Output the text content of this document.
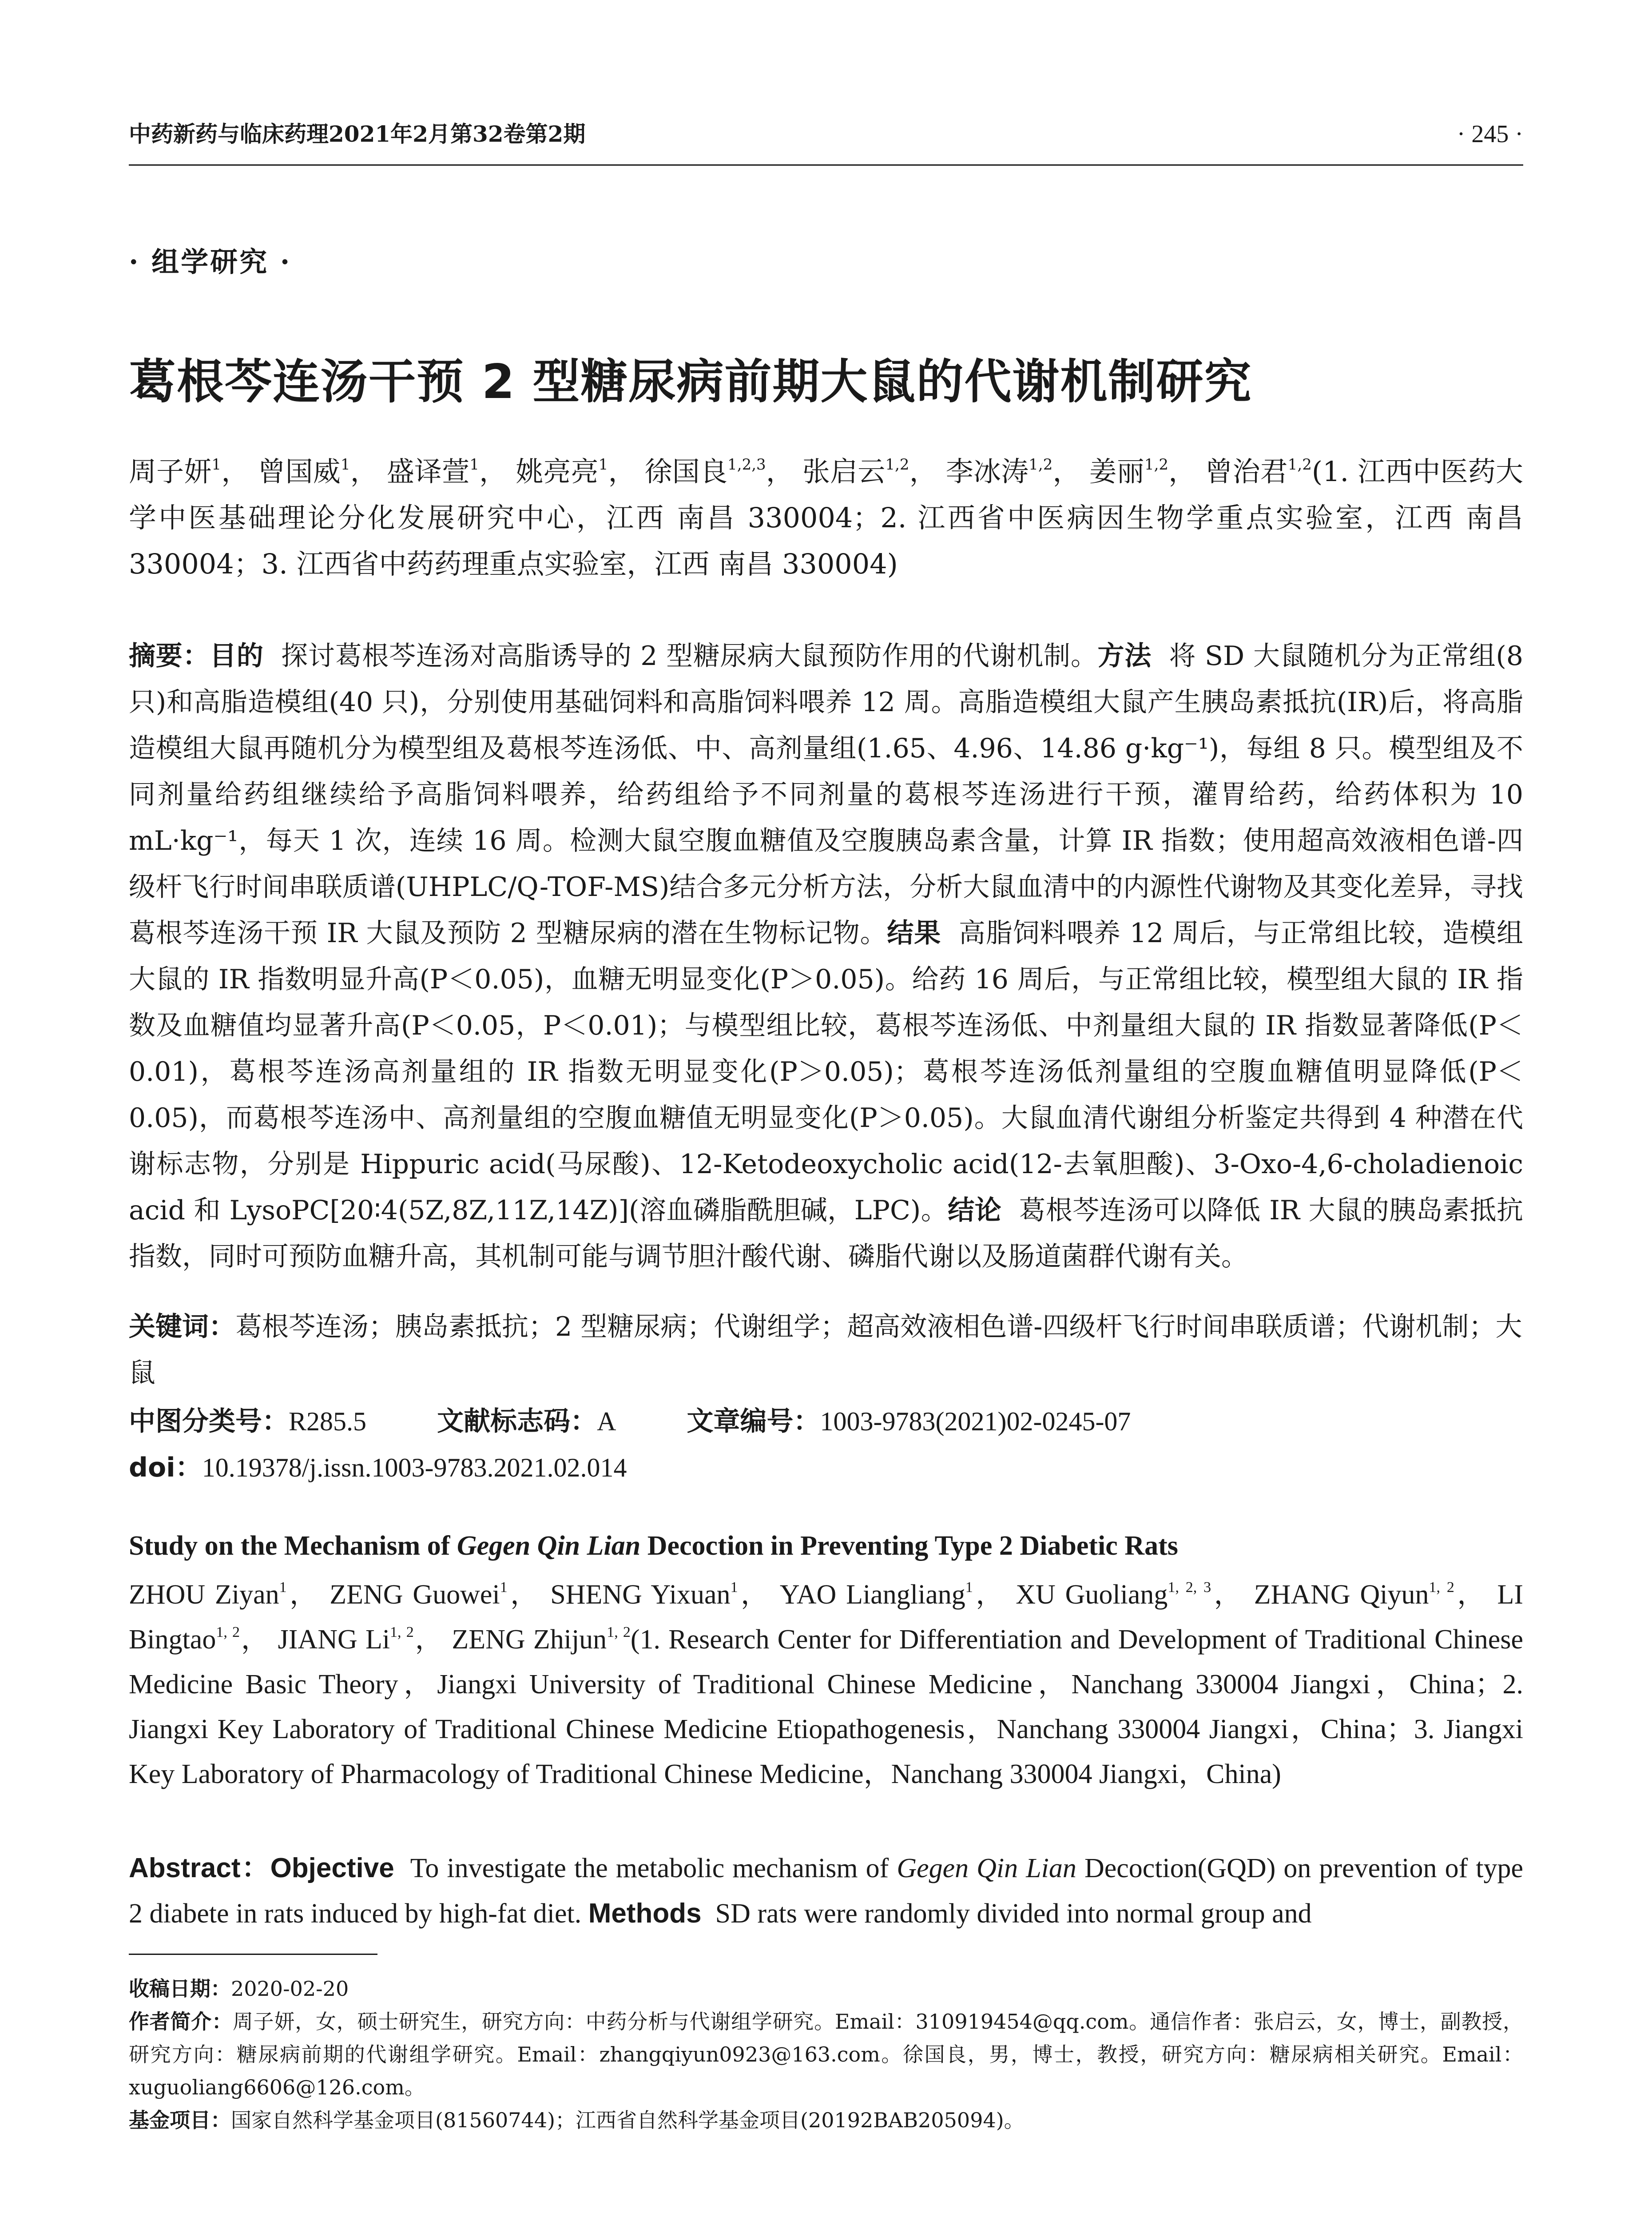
中药新药与临床药理2021年2月第32卷第2期	· 245 ·
· 组学研究 ·
葛根芩连汤干预 2 型糖尿病前期大鼠的代谢机制研究
周子妍$^1$， 曾国威$^1$， 盛译萱$^1$， 姚亮亮$^1$， 徐国良$^{1,2,3}$， 张启云$^{1,2}$， 李冰涛$^{1,2}$， 姜丽$^{1,2}$， 曾治君$^{1,2}$(1. 江西中医药大学中医基础理论分化发展研究中心，江西 南昌 330004；2. 江西省中医病因生物学重点实验室，江西 南昌 330004；3. 江西省中药药理重点实验室，江西 南昌 330004)
摘要：目的 探讨葛根芩连汤对高脂诱导的 2 型糖尿病大鼠预防作用的代谢机制。方法 将 SD 大鼠随机分为正常组(8 只)和高脂造模组(40 只)，分别使用基础饲料和高脂饲料喂养 12 周。高脂造模组大鼠产生胰岛素抵抗(IR)后，将高脂造模组大鼠再随机分为模型组及葛根芩连汤低、中、高剂量组(1.65、4.96、14.86 g·kg⁻¹)，每组 8 只。模型组及不同剂量给药组继续给予高脂饲料喂养，给药组给予不同剂量的葛根芩连汤进行干预，灌胃给药，给药体积为 10 mL·kg⁻¹，每天 1 次，连续 16 周。检测大鼠空腹血糖值及空腹胰岛素含量，计算 IR 指数；使用超高效液相色谱-四级杆飞行时间串联质谱(UHPLC/Q-TOF-MS)结合多元分析方法，分析大鼠血清中的内源性代谢物及其变化差异，寻找葛根芩连汤干预 IR 大鼠及预防 2 型糖尿病的潜在生物标记物。结果 高脂饲料喂养 12 周后，与正常组比较，造模组大鼠的 IR 指数明显升高(P＜0.05)，血糖无明显变化(P＞0.05)。给药 16 周后，与正常组比较，模型组大鼠的 IR 指数及血糖值均显著升高(P＜0.05，P＜0.01)；与模型组比较，葛根芩连汤低、中剂量组大鼠的 IR 指数显著降低(P＜0.01)，葛根芩连汤高剂量组的 IR 指数无明显变化(P＞0.05)；葛根芩连汤低剂量组的空腹血糖值明显降低(P＜0.05)，而葛根芩连汤中、高剂量组的空腹血糖值无明显变化(P＞0.05)。大鼠血清代谢组分析鉴定共得到 4 种潜在代谢标志物，分别是 Hippuric acid(马尿酸)、12-Ketodeoxycholic acid(12-去氧胆酸)、3-Oxo-4,6-choladienoic acid 和 LysoPC[20∶4(5Z,8Z,11Z,14Z)](溶血磷脂酰胆碱，LPC)。结论 葛根芩连汤可以降低 IR 大鼠的胰岛素抵抗指数，同时可预防血糖升高，其机制可能与调节胆汁酸代谢、磷脂代谢以及肠道菌群代谢有关。
关键词：葛根芩连汤；胰岛素抵抗；2 型糖尿病；代谢组学；超高效液相色谱-四级杆飞行时间串联质谱；代谢机制；大鼠
中图分类号：R285.5	文献标志码：A	文章编号：1003-9783(2021)02-0245-07
doi：10.19378/j.issn.1003-9783.2021.02.014
Study on the Mechanism of Gegen Qin Lian Decoction in Preventing Type 2 Diabetic Rats
ZHOU Ziyan$^1$， ZENG Guowei$^1$， SHENG Yixuan$^1$， YAO Liangliang$^1$， XU Guoliang$^{1, 2, 3}$， ZHANG Qiyun$^{1, 2}$， LI Bingtao$^{1, 2}$， JIANG Li$^{1, 2}$， ZENG Zhijun$^{1, 2}$(1. Research Center for Differentiation and Development of Traditional Chinese Medicine Basic Theory，Jiangxi University of Traditional Chinese Medicine，Nanchang 330004 Jiangxi，China；2. Jiangxi Key Laboratory of Traditional Chinese Medicine Etiopathogenesis，Nanchang 330004 Jiangxi，China；3. Jiangxi Key Laboratory of Pharmacology of Traditional Chinese Medicine，Nanchang 330004 Jiangxi，China)
Abstract：Objective To investigate the metabolic mechanism of Gegen Qin Lian Decoction(GQD) on prevention of type 2 diabete in rats induced by high-fat diet. Methods SD rats were randomly divided into normal group and

收稿日期：2020-02-20

作者简介：周子妍，女，硕士研究生，研究方向：中药分析与代谢组学研究。Email：310919454@qq.com。通信作者：张启云，女，博士，副教授，研究方向：糖尿病前期的代谢组学研究。Email：zhangqiyun0923@163.com。徐国良，男，博士，教授，研究方向：糖尿病相关研究。Email：xuguoliang6606@126.com。

基金项目：国家自然科学基金项目(81560744)；江西省自然科学基金项目(20192BAB205094)。
